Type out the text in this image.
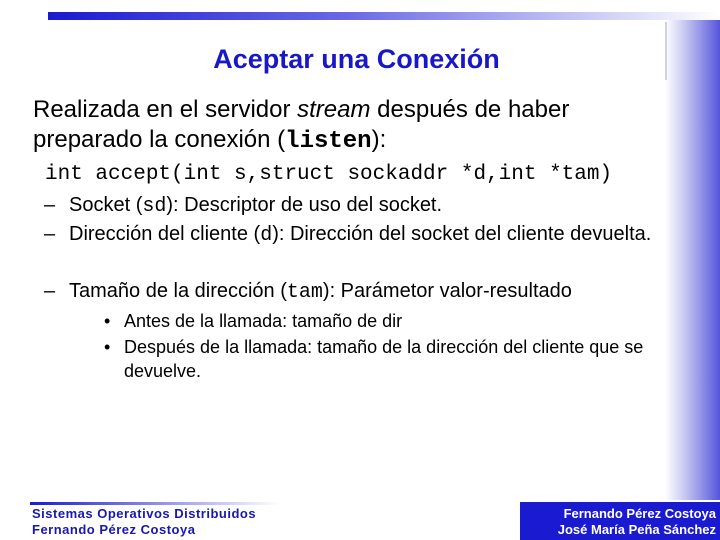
Aceptar una Conexión

Realizada en el servidor stream después de haber preparado la conexión (listen):

int accept(int s,struct sockaddr *d,int *tam)

– Socket (sd): Descriptor de uso del socket.

– Dirección del cliente (d): Dirección del socket del cliente devuelta.

– Tamaño de la dirección (tam): Parámetor valor-resultado

• Antes de la llamada: tamaño de dir

• Después de la llamada: tamaño de la dirección del cliente que se devuelve.

Sistemas Operativos Distribuidos
Fernando Pérez Costoya
Fernando Pérez Costoya
José María Peña Sánchez
